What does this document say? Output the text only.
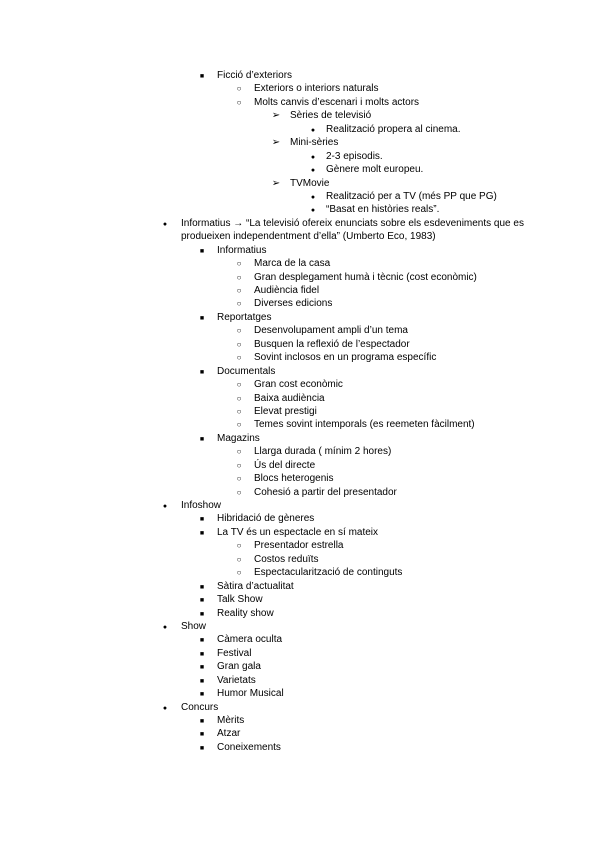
■
Ficció d’exteriors
○
Exteriors o interiors naturals
○
Molts canvis d’escenari i molts actors
➢
Sèries de televisió
●
Realització propera al cinema.
➢
Mini-sèries
●
2-3 episodis.
●
Gènere molt europeu.
➢
TVMovie
●
Realització per a TV (més PP que PG)
●
“Basat en històries reals”.
●
Informatius → “La televisió ofereix enunciats sobre els esdeveniments que es produeixen independentment d’ella” (Umberto Eco, 1983)
■
Informatius
○
Marca de la casa
○
Gran desplegament humà i tècnic (cost econòmic)
○
Audiència fidel
○
Diverses edicions
■
Reportatges
○
Desenvolupament ampli d’un tema
○
Busquen la reflexió de l’espectador
○
Sovint inclosos en un programa específic
■
Documentals
○
Gran cost econòmic
○
Baixa audiència
○
Elevat prestigi
○
Temes sovint intemporals (es reemeten fàcilment)
■
Magazins
○
Llarga durada ( mínim 2 hores)
○
Ús del directe
○
Blocs heterogenis
○
Cohesió a partir del presentador
●
Infoshow
■
Hibridació de gèneres
■
La TV és un espectacle en sí mateix
○
Presentador estrella
○
Costos reduïts
○
Espectacularització de continguts
■
Sàtira d’actualitat
■
Talk Show
■
Reality show
●
Show
■
Càmera oculta
■
Festival
■
Gran gala
■
Varietats
■
Humor Musical
●
Concurs
■
Mèrits
■
Atzar
■
Coneixements
